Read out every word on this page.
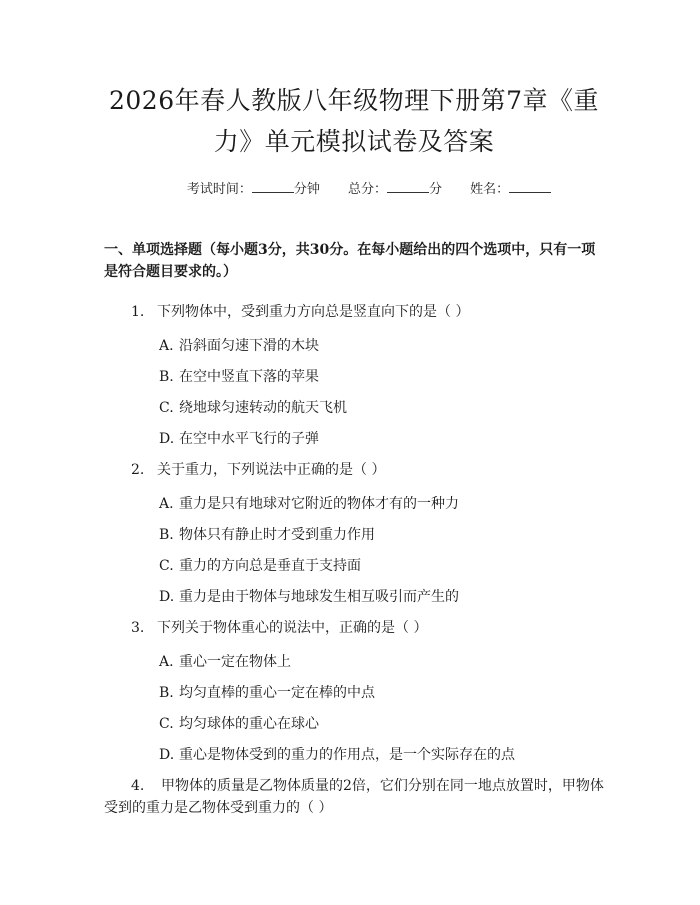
2026年春人教版八年级物理下册第7章《重力》单元模拟试卷及答案
考试时间：	分钟 总分：	分 姓名：
一、单项选择题（每小题3分，共30分。在每小题给出的四个选项中，只有一项是符合题目要求的。）
1. 下列物体中，受到重力方向总是竖直向下的是（ ）
A. 沿斜面匀速下滑的木块
B. 在空中竖直下落的苹果
C. 绕地球匀速转动的航天飞机
D. 在空中水平飞行的子弹
2. 关于重力，下列说法中正确的是（ ）
A. 重力是只有地球对它附近的物体才有的一种力
B. 物体只有静止时才受到重力作用
C. 重力的方向总是垂直于支持面
D. 重力是由于物体与地球发生相互吸引而产生的
3. 下列关于物体重心的说法中，正确的是（ ）
A. 重心一定在物体上
B. 均匀直棒的重心一定在棒的中点
C. 均匀球体的重心在球心
D. 重心是物体受到的重力的作用点，是一个实际存在的点
4. 甲物体的质量是乙物体质量的2倍，它们分别在同一地点放置时，甲物体受到的重力是乙物体受到重力的（ ）
